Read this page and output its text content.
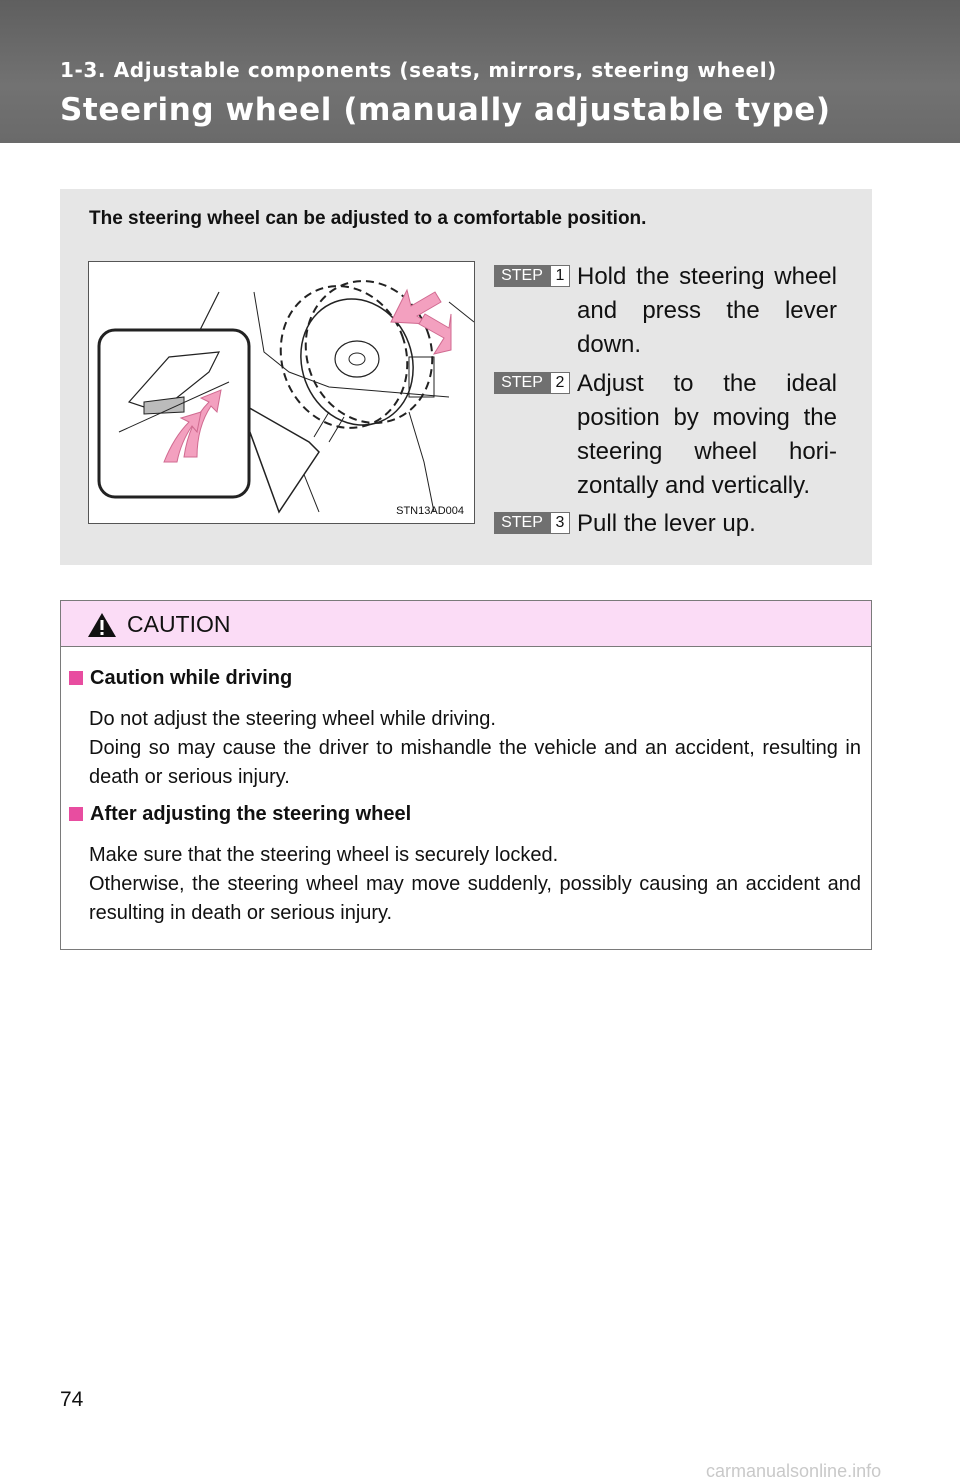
1-3. Adjustable components (seats, mirrors, steering wheel)
Steering wheel (manually adjustable type)
The steering wheel can be adjusted to a comfortable position.
STN13AD004
STEP 1 Hold the steering wheel and press the lever down.
STEP 2 Adjust to the ideal position by moving the steering wheel hori-zontally and vertically.
STEP 3 Pull the lever up.
CAUTION
Caution while driving

Do not adjust the steering wheel while driving.

Doing so may cause the driver to mishandle the vehicle and an accident, resulting in death or serious injury.

After adjusting the steering wheel

Make sure that the steering wheel is securely locked.

Otherwise, the steering wheel may move suddenly, possibly causing an accident and resulting in death or serious injury.

74
carmanualsonline.info
